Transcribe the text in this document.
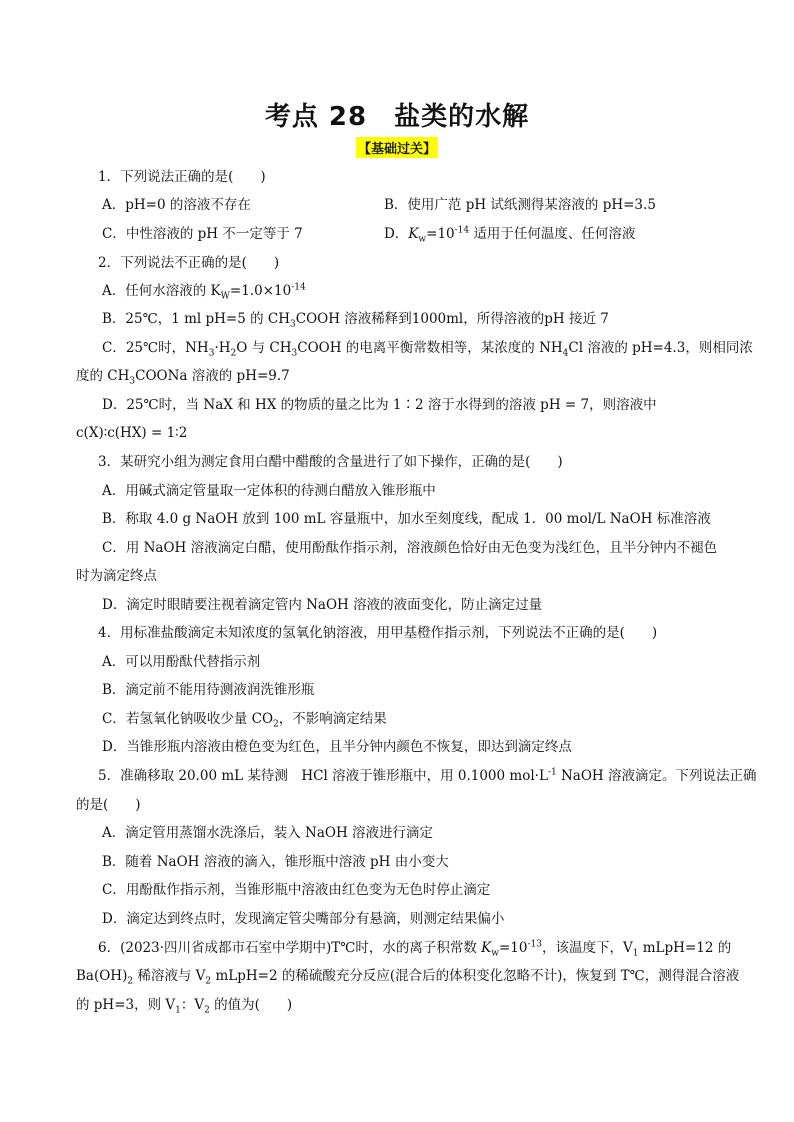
考点 28　盐类的水解
【基础过关】
1．下列说法正确的是(　　)
A．pH=0 的溶液不存在	B．使用广范 pH 试纸测得某溶液的 pH=3.5
C．中性溶液的 pH 不一定等于 7	D．$K_w=10^{-14}$ 适用于任何温度、任何溶液
2．下列说法不正确的是(　　)
A．任何水溶液的 $K_W=1.0\times 10^{-14}$
B．25℃，1 ml pH=5 的 $CH_3COOH$ 溶液稀释到1000ml，所得溶液的pH 接近 7
C．25℃时，$NH_3\cdot H_2O$ 与 $CH_3COOH$ 的电离平衡常数相等，某浓度的 $NH_4Cl$ 溶液的 pH=4.3，则相同浓
度的 $CH_3COONa$ 溶液的 pH=9.7
D．25℃时，当 NaX 和 HX 的物质的量之比为 1∶2 溶于水得到的溶液 pH = 7，则溶液中
c(X)∶c(HX) = 1∶2
3．某研究小组为测定食用白醋中醋酸的含量进行了如下操作，正确的是(　　)
A．用碱式滴定管量取一定体积的待测白醋放入锥形瓶中
B．称取 4.0 g NaOH 放到 100 mL 容量瓶中，加水至刻度线，配成 1．00 mol/L NaOH 标准溶液
C．用 NaOH 溶液滴定白醋，使用酚酞作指示剂，溶液颜色恰好由无色变为浅红色，且半分钟内不褪色
时为滴定终点
D．滴定时眼睛要注视着滴定管内 NaOH 溶液的液面变化，防止滴定过量
4．用标准盐酸滴定未知浓度的氢氧化钠溶液，用甲基橙作指示剂，下列说法不正确的是(　　)
A．可以用酚酞代替指示剂
B．滴定前不能用待测液润洗锥形瓶
C．若氢氧化钠吸收少量 $CO_2$，不影响滴定结果
D．当锥形瓶内溶液由橙色变为红色，且半分钟内颜色不恢复，即达到滴定终点
5．准确移取 20.00 mL 某待测　HCl 溶液于锥形瓶中，用 0.1000 $mol\cdot L^{-1}$ NaOH 溶液滴定。下列说法正确
的是(　　)
A．滴定管用蒸馏水洗涤后，装入 NaOH 溶液进行滴定
B．随着 NaOH 溶液的滴入，锥形瓶中溶液 pH 由小变大
C．用酚酞作指示剂，当锥形瓶中溶液由红色变为无色时停止滴定
D．滴定达到终点时，发现滴定管尖嘴部分有悬滴，则测定结果偏小
6．(2023·四川省成都市石室中学期中)T℃时，水的离子积常数 $K_w=10^{-13}$，该温度下，$V_1$ mLpH=12 的
$Ba(OH)_2$ 稀溶液与 $V_2$ mLpH=2 的稀硫酸充分反应(混合后的体积变化忽略不计)，恢复到 T℃，测得混合溶液
的 pH=3，则 $V_1$：$V_2$ 的值为(　　)
